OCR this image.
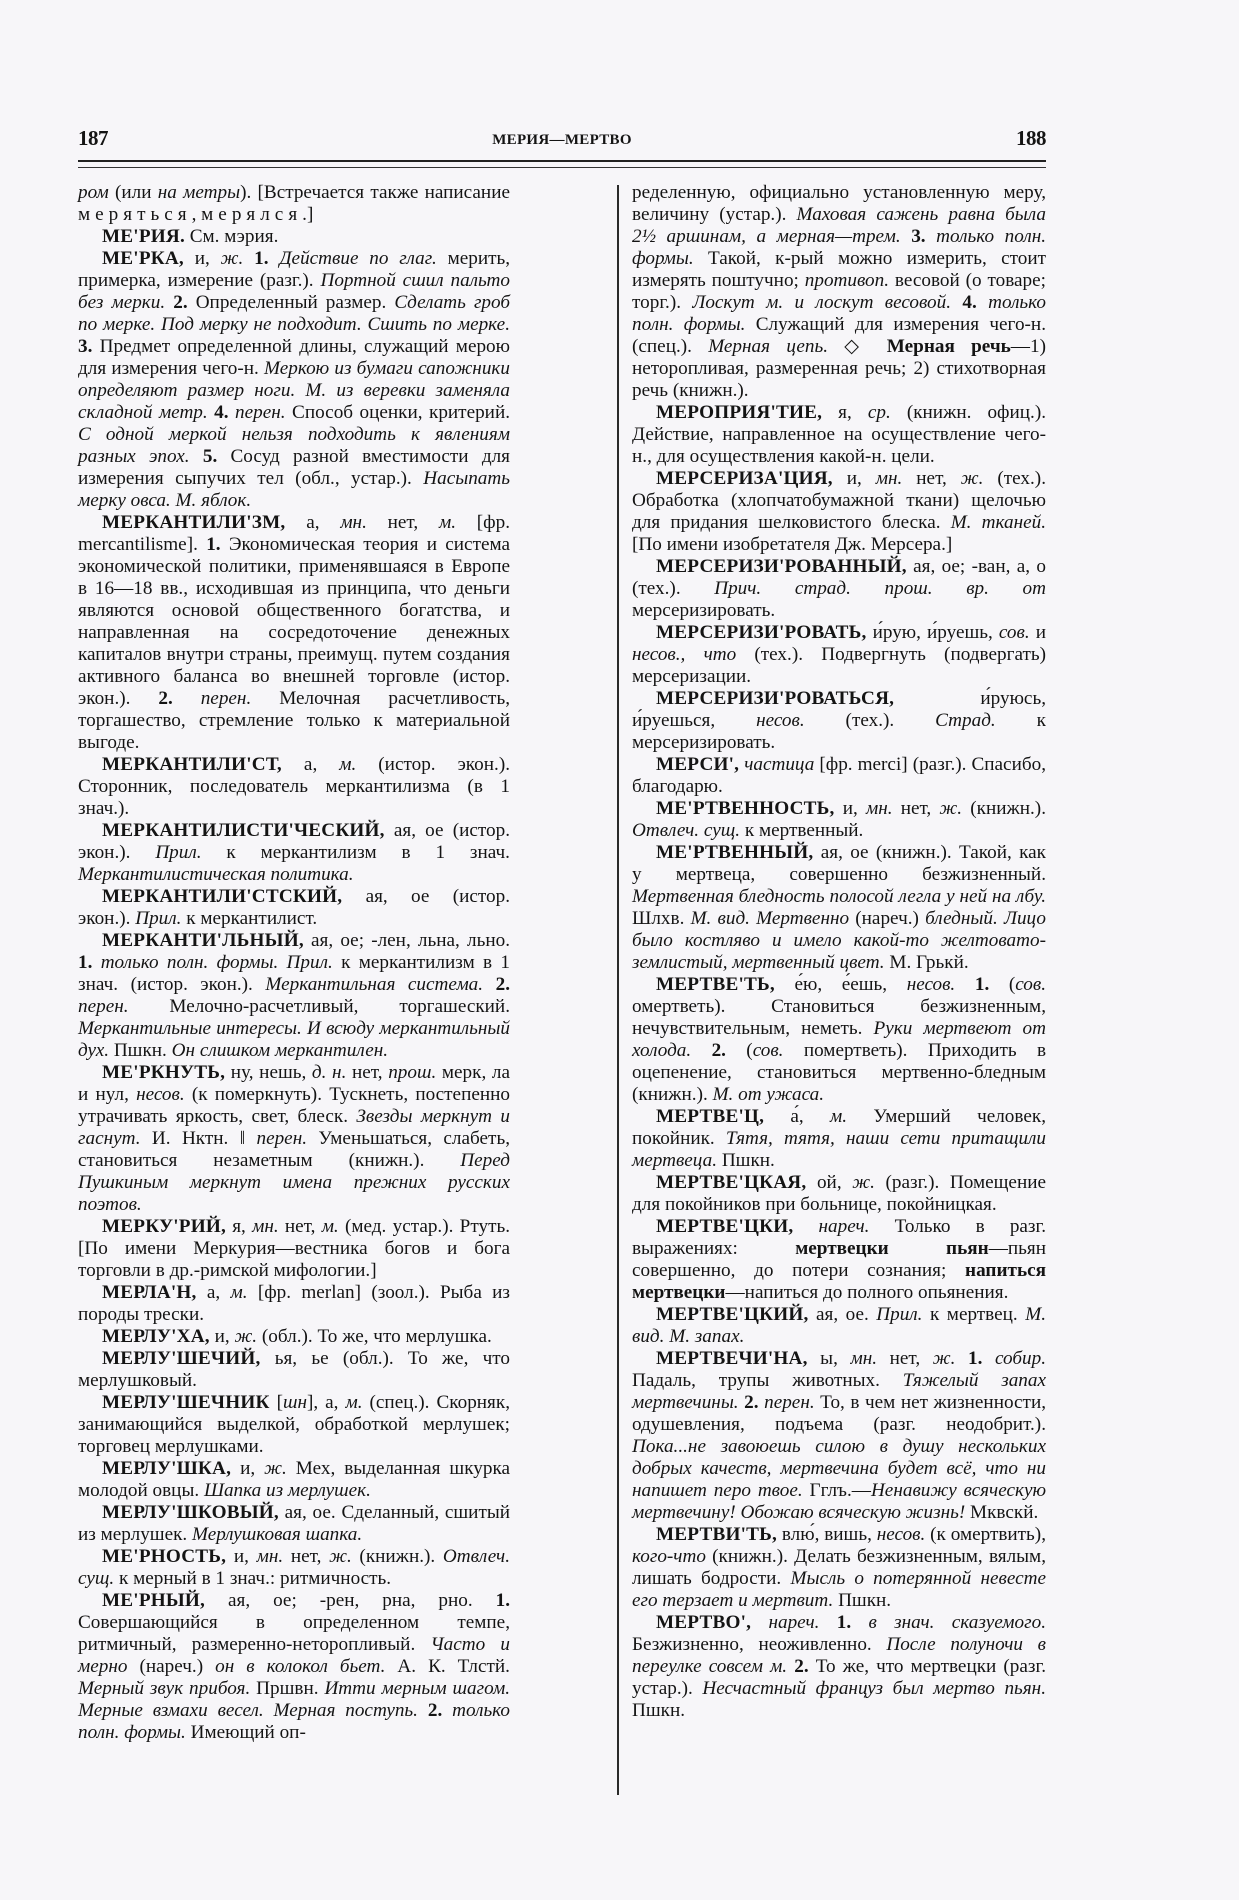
187	МЕРИЯ—МЕРТВО	188

ром (или на метры). [Встречается также написание меряться, мерялся.]

МЕ'РИЯ. См. мэрия.

МЕ'РКА, и, ж. 1. Действие по глаг. мерить, примерка, измерение (разг.). Портной сшил пальто без мерки. 2. Определенный размер. Сделать гроб по мерке. Под мерку не подходит. Сшить по мерке. 3. Предмет определенной длины, служащий мерою для измерения чего-н. Меркою из бумаги сапожники определяют размер ноги. М. из веревки заменяла складной метр. 4. перен. Способ оценки, критерий. С одной меркой нельзя подходить к явлениям разных эпох. 5. Сосуд разной вместимости для измерения сыпучих тел (обл., устар.). Насыпать мерку овса. М. яблок.

МЕРКАНТИЛИ'ЗМ, а, мн. нет, м. [фр. mercantilisme]. 1. Экономическая теория и система экономической политики, применявшаяся в Европе в 16—18 вв., исходившая из принципа, что деньги являются основой общественного богатства, и направленная на сосредоточение денежных капиталов внутри страны, преимущ. путем создания активного баланса во внешней торговле (истор. экон.). 2. перен. Мелочная расчетливость, торгашество, стремление только к материальной выгоде.

МЕРКАНТИЛИ'СТ, а, м. (истор. экон.). Сторонник, последователь меркантилизма (в 1 знач.).

МЕРКАНТИЛИСТИ'ЧЕСКИЙ, ая, ое (истор. экон.). Прил. к меркантилизм в 1 знач. Меркантилистическая политика.

МЕРКАНТИЛИ'СТСКИЙ, ая, ое (истор. экон.). Прил. к меркантилист.

МЕРКАНТИ'ЛЬНЫЙ, ая, ое; -лен, льна, льно. 1. только полн. формы. Прил. к меркантилизм в 1 знач. (истор. экон.). Меркантильная система. 2. перен. Мелочно-расчетливый, торгашеский. Меркантильные интересы. И всюду меркантильный дух. Пшкн. Он слишком меркантилен.

МЕ'РКНУТЬ, ну, нешь, д. н. нет, прош. мерк, ла и нул, несов. (к померкнуть). Тускнеть, постепенно утрачивать яркость, свет, блеск. Звезды меркнут и гаснут. И. Нктн. ‖ перен. Уменьшаться, слабеть, становиться незаметным (книжн.). Перед Пушкиным меркнут имена прежних русских поэтов.

МЕРКУ'РИЙ, я, мн. нет, м. (мед. устар.). Ртуть. [По имени Меркурия—вестника богов и бога торговли в др.-римской мифологии.]

МЕРЛА'Н, а, м. [фр. merlan] (зоол.). Рыба из породы трески.

МЕРЛУ'ХА, и, ж. (обл.). То же, что мерлушка.

МЕРЛУ'ШЕЧИЙ, ья, ье (обл.). То же, что мерлушковый.

МЕРЛУ'ШЕЧНИК [шн], а, м. (спец.). Скорняк, занимающийся выделкой, обработкой мерлушек; торговец мерлушками.

МЕРЛУ'ШКА, и, ж. Мех, выделанная шкурка молодой овцы. Шапка из мерлушек.

МЕРЛУ'ШКОВЫЙ, ая, ое. Сделанный, сшитый из мерлушек. Мерлушковая шапка.

МЕ'РНОСТЬ, и, мн. нет, ж. (книжн.). Отвлеч. сущ. к мерный в 1 знач.: ритмичность.

МЕ'РНЫЙ, ая, ое; -рен, рна, рно. 1. Совершающийся в определенном темпе, ритмичный, размеренно-неторопливый. Часто и мерно (нареч.) он в колокол бьет. А. К. Тлстй. Мерный звук прибоя. Пршвн. Итти мерным шагом. Мерные взмахи весел. Мерная поступь. 2. только полн. формы. Имеющий оп-

ределенную, официально установленную меру, величину (устар.). Маховая сажень равна была 2½ аршинам, а мерная—трем. 3. только полн. формы. Такой, к-рый можно измерить, стоит измерять поштучно; противоп. весовой (о товаре; торг.). Лоскут м. и лоскут весовой. 4. только полн. формы. Служащий для измерения чего-н. (спец.). Мерная цепь. ◇ Мерная речь—1) неторопливая, размеренная речь; 2) стихотворная речь (книжн.).

МЕРОПРИЯ'ТИЕ, я, ср. (книжн. офиц.). Действие, направленное на осуществление чего-н., для осуществления какой-н. цели.

МЕРСЕРИЗА'ЦИЯ, и, мн. нет, ж. (тех.). Обработка (хлопчатобумажной ткани) щелочью для придания шелковистого блеска. М. тканей. [По имени изобретателя Дж. Мерсера.]

МЕРСЕРИЗИ'РОВАННЫЙ, ая, ое; -ван, а, о (тех.). Прич. страд. прош. вр. от мерсеризировать.

МЕРСЕРИЗИ'РОВАТЬ, и́рую, и́руешь, сов. и несов., что (тех.). Подвергнуть (подвергать) мерсеризации.

МЕРСЕРИЗИ'РОВАТЬСЯ, и́руюсь, и́руешься, несов. (тех.). Страд. к мерсеризировать.

МЕРСИ', частица [фр. merci] (разг.). Спасибо, благодарю.

МЕ'РТВЕННОСТЬ, и, мн. нет, ж. (книжн.). Отвлеч. сущ. к мертвенный.

МЕ'РТВЕННЫЙ, ая, ое (книжн.). Такой, как у мертвеца, совершенно безжизненный. Мертвенная бледность полосой легла у ней на лбу. Шлхв. М. вид. Мертвенно (нареч.) бледный. Лицо было костляво и имело какой-то желтовато-землистый, мертвенный цвет. М. Грькй.

МЕРТВЕ'ТЬ, е́ю, е́ешь, несов. 1. (сов. омертветь). Становиться безжизненным, нечувствительным, неметь. Руки мертвеют от холода. 2. (сов. помертветь). Приходить в оцепенение, становиться мертвенно-бледным (книжн.). М. от ужаса.

МЕРТВЕ'Ц, а́, м. Умерший человек, покойник. Тятя, тятя, наши сети притащили мертвеца. Пшкн.

МЕРТВЕ'ЦКАЯ, ой, ж. (разг.). Помещение для покойников при больнице, покойницкая.

МЕРТВЕ'ЦКИ, нареч. Только в разг. выражениях: мертвецки пьян—пьян совершенно, до потери сознания; напиться мертвецки—напиться до полного опьянения.

МЕРТВЕ'ЦКИЙ, ая, ое. Прил. к мертвец. М. вид. М. запах.

МЕРТВЕЧИ'НА, ы, мн. нет, ж. 1. собир. Падаль, трупы животных. Тяжелый запах мертвечины. 2. перен. То, в чем нет жизненности, одушевления, подъема (разг. неодобрит.). Пока...не завоюешь силою в душу нескольких добрых качеств, мертвечина будет всё, что ни напишет перо твое. Гглъ.—Ненавижу всяческую мертвечину! Обожаю всяческую жизнь! Мквскй.

МЕРТВИ'ТЬ, влю́, вишь, несов. (к омертвить), кого-что (книжн.). Делать безжизненным, вялым, лишать бодрости. Мысль о потерянной невесте его терзает и мертвит. Пшкн.

МЕРТВО', нареч. 1. в знач. сказуемого. Безжизненно, неоживленно. После полуночи в переулке совсем м. 2. То же, что мертвецки (разг. устар.). Несчастный француз был мертво пьян. Пшкн.
